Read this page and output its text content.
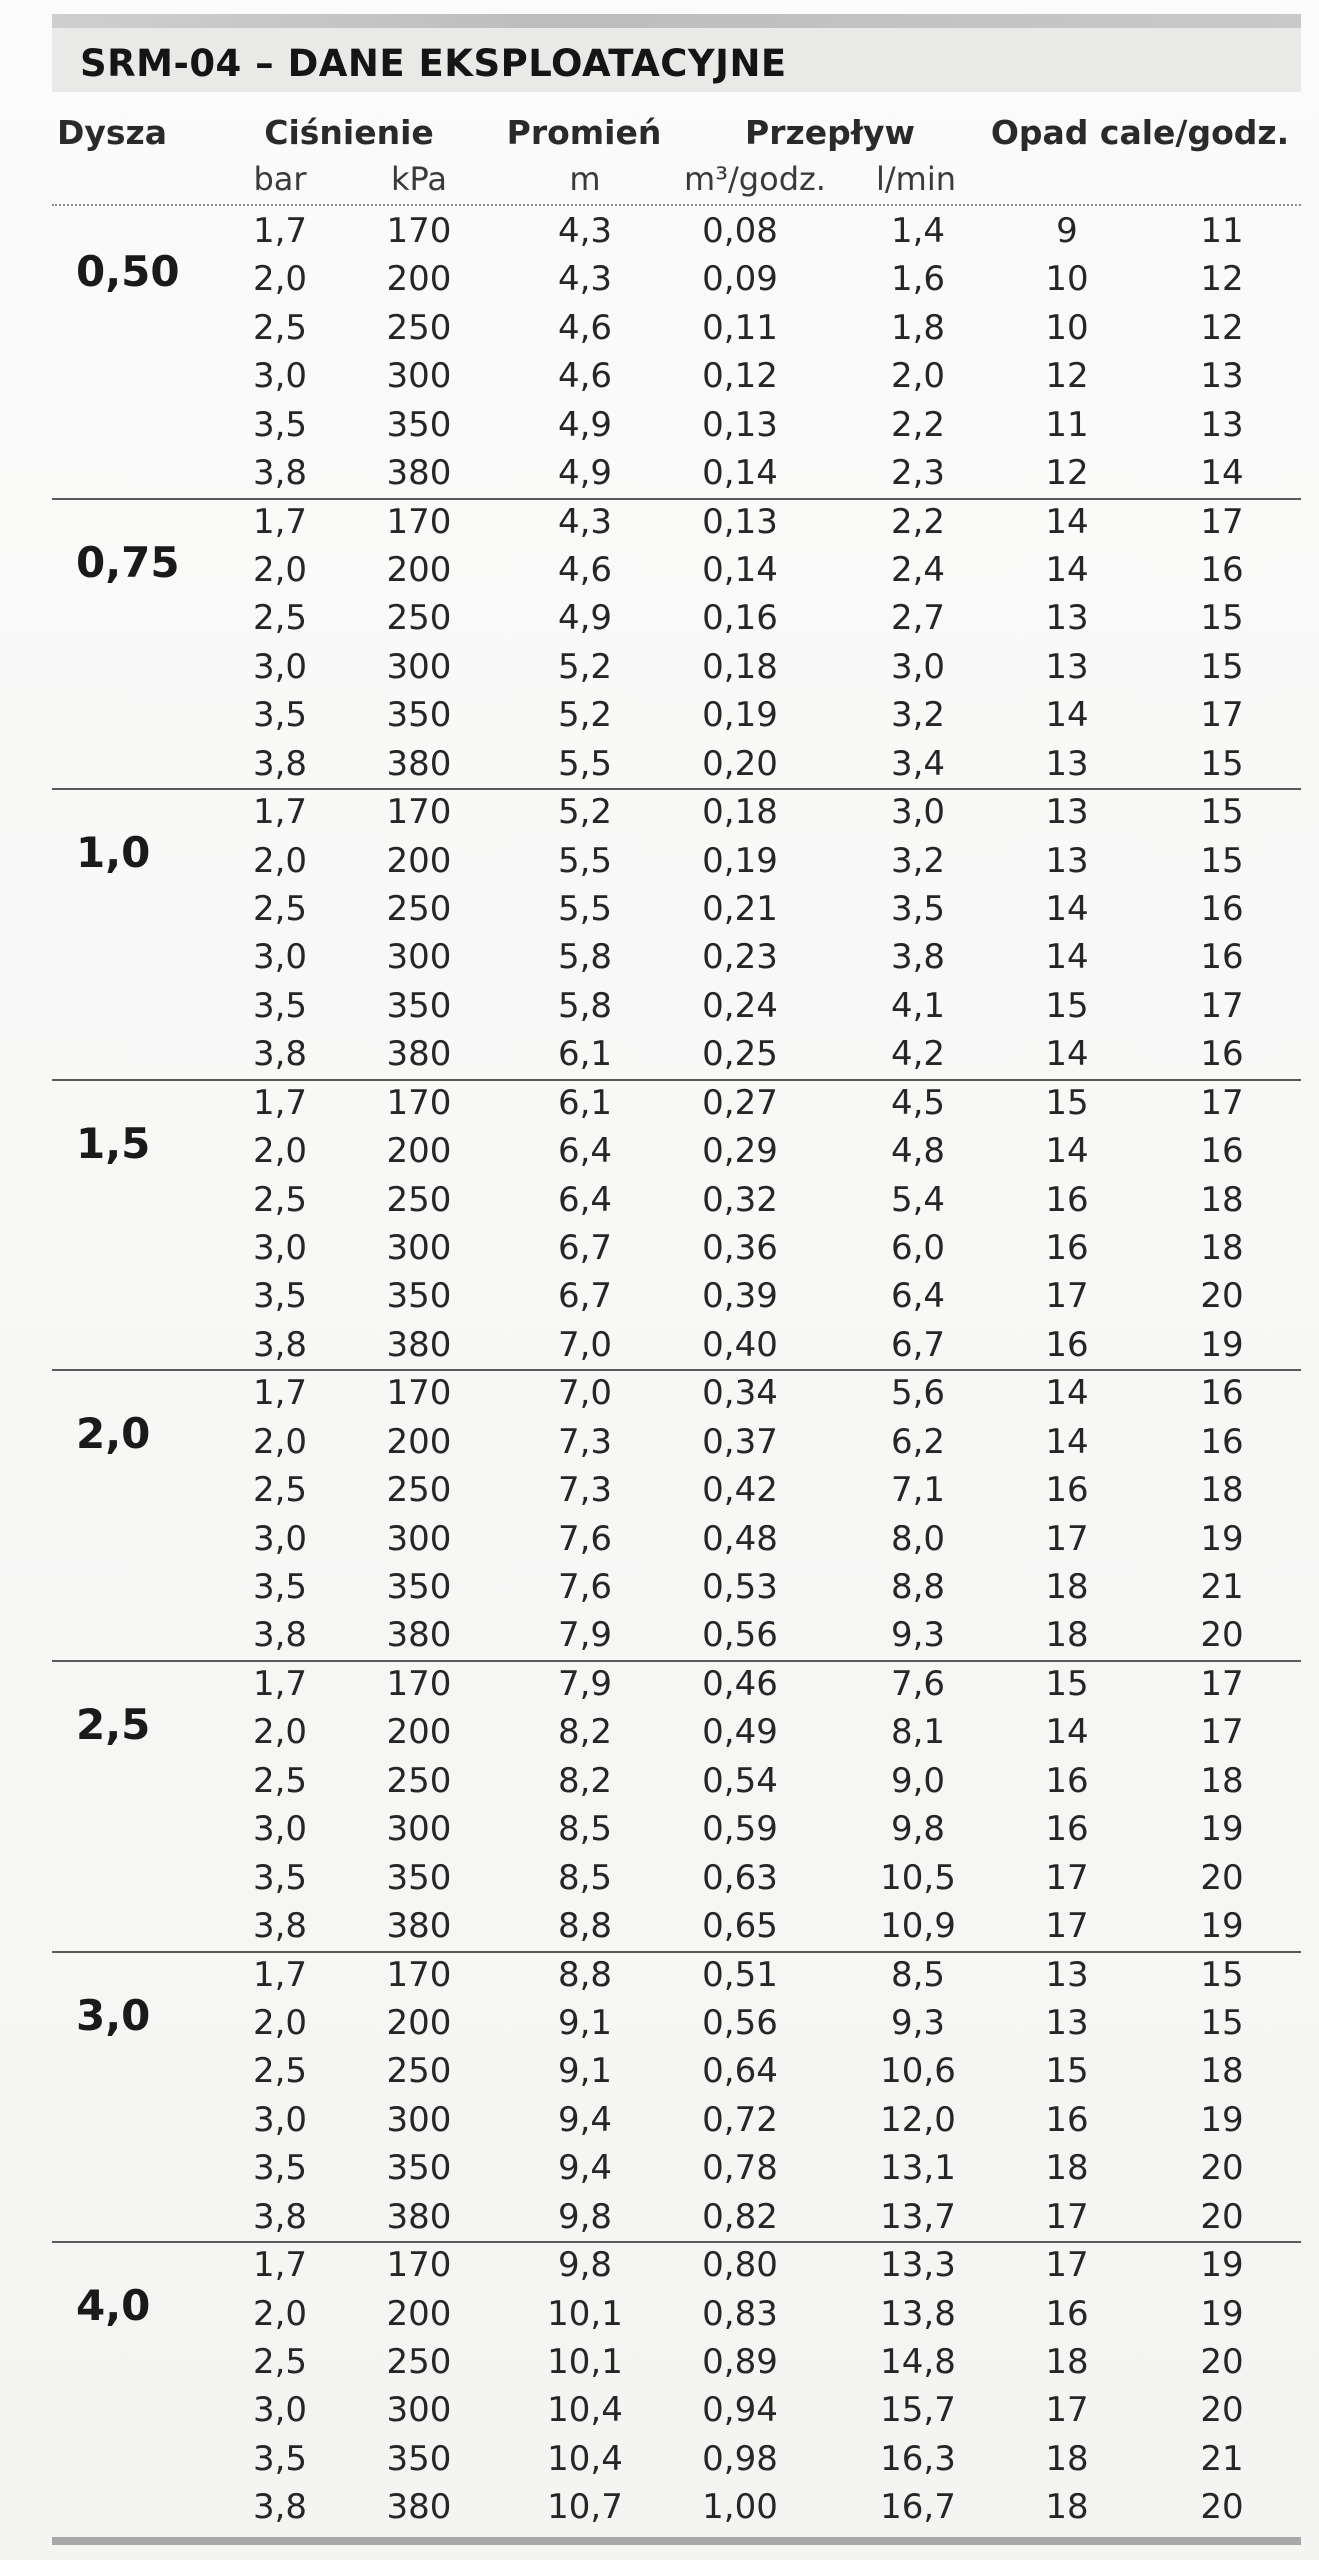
SRM-04 – DANE EKSPLOATACYJNE
Dysza	Ciśnienie Promień	Przepływ Opad cale/godz.
bar	kPa	m	m³/godz. l/min
0,50
1,7 170	4,3	0,08	1,4	9	11
2,0 200	4,3	0,09	1,6	10	12
2,5 250	4,6	0,11	1,8	10	12
3,0 300	4,6	0,12	2,0	12	13
3,5 350	4,9	0,13	2,2	11	13
3,8 380	4,9	0,14	2,3	12	14
0,75
1,7 170	4,3	0,13	2,2	14	17
2,0 200	4,6	0,14	2,4	14	16
2,5 250	4,9	0,16	2,7	13	15
3,0 300	5,2	0,18	3,0	13	15
3,5 350	5,2	0,19	3,2	14	17
3,8 380	5,5	0,20	3,4	13	15
1,0
1,7 170	5,2	0,18	3,0	13	15
2,0 200	5,5	0,19	3,2	13	15
2,5 250	5,5	0,21	3,5	14	16
3,0 300	5,8	0,23	3,8	14	16
3,5 350	5,8	0,24	4,1	15	17
3,8 380	6,1	0,25	4,2	14	16
1,5
1,7 170	6,1	0,27	4,5	15	17
2,0 200	6,4	0,29	4,8	14	16
2,5 250	6,4	0,32	5,4	16	18
3,0 300	6,7	0,36	6,0	16	18
3,5 350	6,7	0,39	6,4	17	20
3,8 380	7,0	0,40	6,7	16	19
2,0
1,7 170	7,0	0,34	5,6	14	16
2,0 200	7,3	0,37	6,2	14	16
2,5 250	7,3	0,42	7,1	16	18
3,0 300	7,6	0,48	8,0	17	19
3,5 350	7,6	0,53	8,8	18	21
3,8 380	7,9	0,56	9,3	18	20
2,5
1,7 170	7,9	0,46	7,6	15	17
2,0 200	8,2	0,49	8,1	14	17
2,5 250	8,2	0,54	9,0	16	18
3,0 300	8,5	0,59	9,8	16	19
3,5 350	8,5	0,63	10,5	17	20
3,8 380	8,8	0,65	10,9	17	19
3,0
1,7 170	8,8	0,51	8,5	13	15
2,0 200	9,1	0,56	9,3	13	15
2,5 250	9,1	0,64	10,6	15	18
3,0 300	9,4	0,72	12,0	16	19
3,5 350	9,4	0,78	13,1	18	20
3,8 380	9,8	0,82	13,7	17	20
4,0
1,7 170	9,8	0,80	13,3	17	19
2,0 200	10,1 0,83	13,8	16	19
2,5 250	10,1 0,89	14,8	18	20
3,0 300	10,4 0,94	15,7	17	20
3,5 350	10,4 0,98	16,3	18	21
3,8 380	10,7 1,00	16,7	18	20
